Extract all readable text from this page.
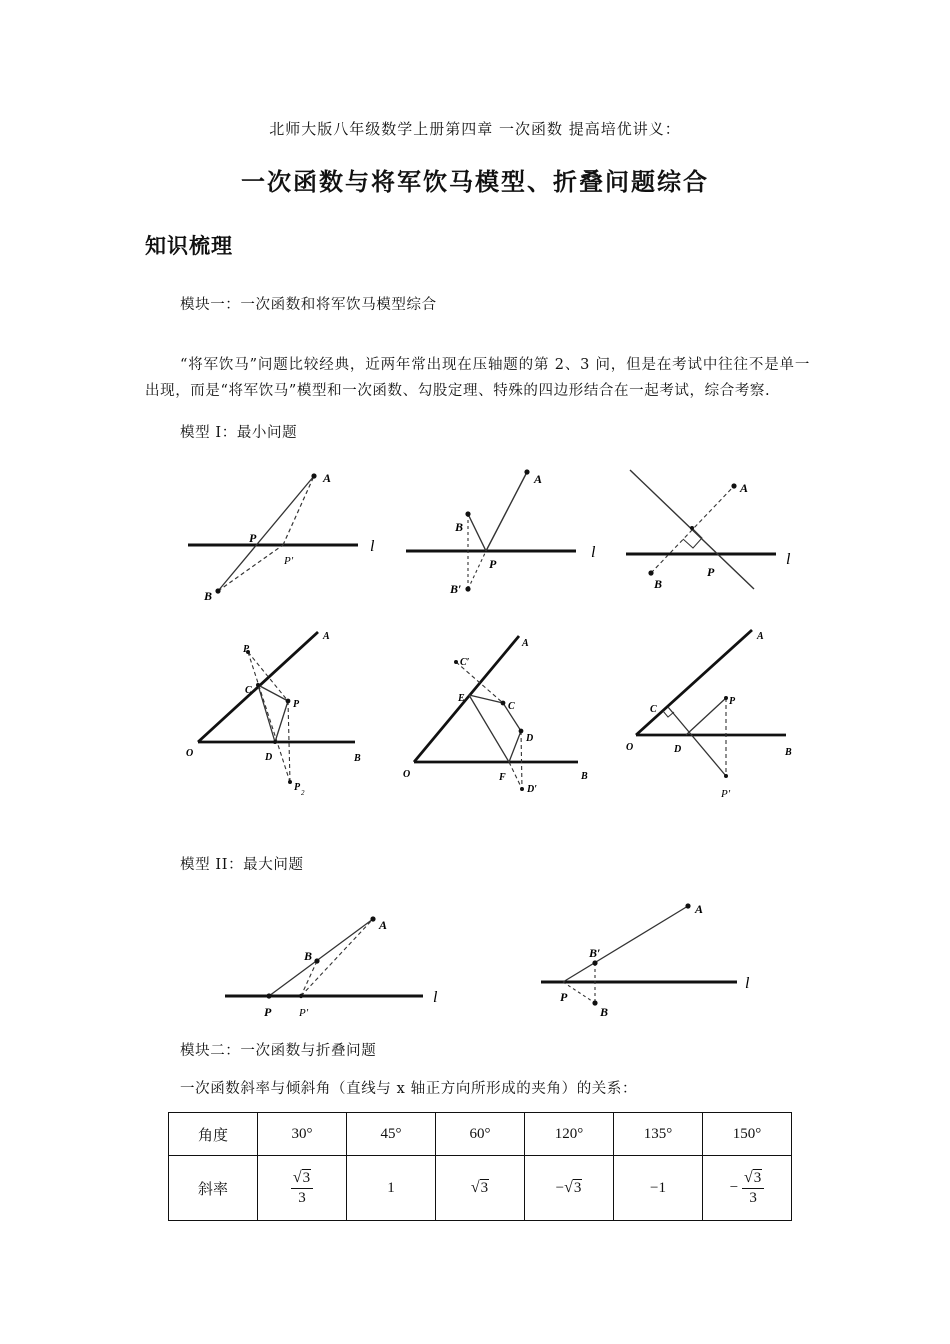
北师大版八年级数学上册第四章 一次函数 提高培优讲义：
一次函数与将军饮马模型、折叠问题综合
知识梳理
模块一：一次函数和将军饮马模型综合
“将军饮马”问题比较经典，近两年常出现在压轴题的第 2、3 问，但是在考试中往往不是单一出现，而是“将军饮马”模型和一次函数、勾股定理、特殊的四边形结合在一起考试，综合考察.
模型 I：最小问题
A
B
P
P′
l
A
B
P
B′
l
A
B
P
l
A
O	B
P
P
C
D
P 2
A
O	B
C′
C
E
D
F
D′
A
O	B
C
D
P
P′
模型 II：最大问题
A
B
P	P′
l
A
B′
P
B
l
模块二：一次函数与折叠问题
一次函数斜率与倾斜角（直线与 x 轴正方向所形成的夹角）的关系：
角度	30°	45°	60°	120°	135°	150°
斜率	$\frac{√3}{3}$	1	√3	−√3	−1	− $\frac{√3}{3}$
